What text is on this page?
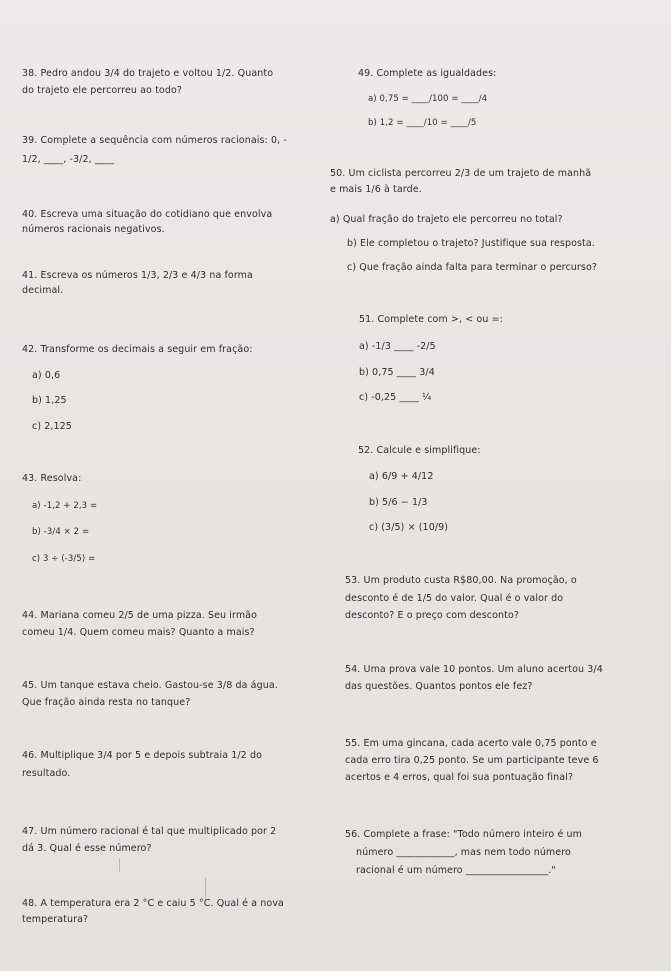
38. Pedro andou 3/4 do trajeto e voltou 1/2. Quanto
do trajeto ele percorreu ao todo?
39. Complete a sequência com números racionais: 0, -
1/2, ____, -3/2, ____
40. Escreva uma situação do cotidiano que envolva
números racionais negativos.
41. Escreva os números 1/3, 2/3 e 4/3 na forma
decimal.
42. Transforme os decimais a seguir em fração:
a) 0,6
b) 1,25
c) 2,125
43. Resolva:
a) -1,2 + 2,3 =
b) -3/4 × 2 =
c) 3 ÷ (-3/5) =
44. Mariana comeu 2/5 de uma pizza. Seu irmão
comeu 1/4. Quem comeu mais? Quanto a mais?
45. Um tanque estava cheio. Gastou-se 3/8 da água.
Que fração ainda resta no tanque?
46. Multiplique 3/4 por 5 e depois subtraia 1/2 do
resultado.
47. Um número racional é tal que multiplicado por 2
dá 3. Qual é esse número?
48. A temperatura era 2 °C e caiu 5 °C. Qual é a nova
temperatura?
49. Complete as igualdades:
a) 0,75 = ____/100 = ____/4
b) 1,2 = ____/10 = ____/5
50. Um ciclista percorreu 2/3 de um trajeto de manhã
e mais 1/6 à tarde.
a) Qual fração do trajeto ele percorreu no total?
b) Ele completou o trajeto? Justifique sua resposta.
c) Que fração ainda falta para terminar o percurso?
51. Complete com >, < ou =:
a) -1/3 ____ -2/5
b) 0,75 ____ 3/4
c) -0,25 ____ ¼
52. Calcule e simplifique:
a) 6/9 + 4/12
b) 5/6 − 1/3
c) (3/5) × (10/9)
53. Um produto custa R$80,00. Na promoção, o
desconto é de 1/5 do valor. Qual é o valor do
desconto? E o preço com desconto?
54. Uma prova vale 10 pontos. Um aluno acertou 3/4
das questões. Quantos pontos ele fez?
55. Em uma gincana, cada acerto vale 0,75 ponto e
cada erro tira 0,25 ponto. Se um participante teve 6
acertos e 4 erros, qual foi sua pontuação final?
56. Complete a frase: "Todo número inteiro é um
número ____________, mas nem todo número
racional é um número _________________."
